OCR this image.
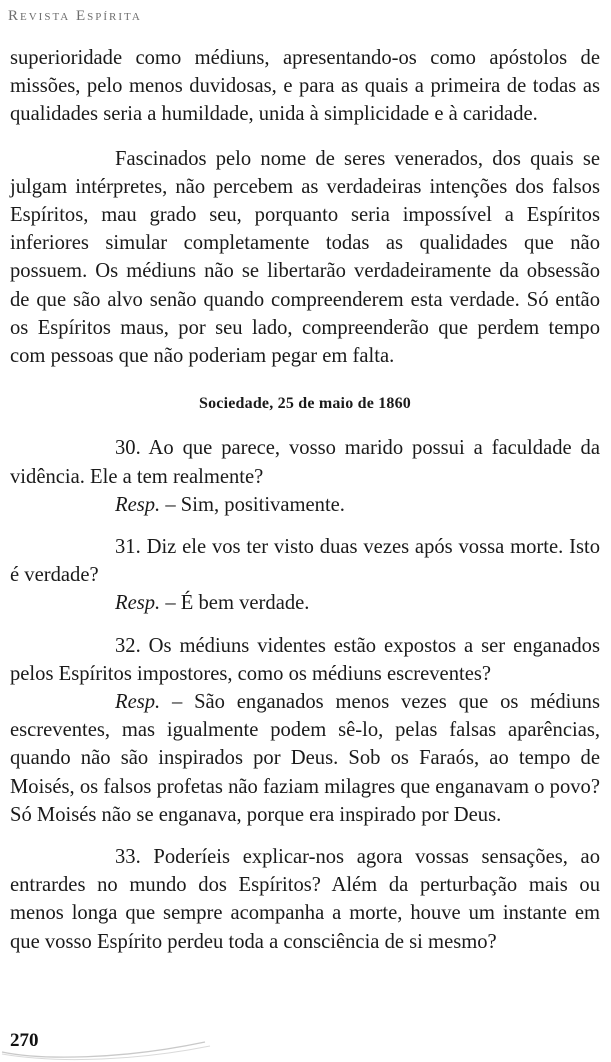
Revista Espírita

superioridade como médiuns, apresentando-os como apóstolos de missões, pelo menos duvidosas, e para as quais a primeira de todas as qualidades seria a humildade, unida à simplicidade e à caridade.

Fascinados pelo nome de seres venerados, dos quais se julgam intérpretes, não percebem as verdadeiras intenções dos falsos Espíritos, mau grado seu, porquanto seria impossível a Espíritos inferiores simular completamente todas as qualidades que não possuem. Os médiuns não se libertarão verdadeiramente da obsessão de que são alvo senão quando compreenderem esta verdade. Só então os Espíritos maus, por seu lado, compreenderão que perdem tempo com pessoas que não poderiam pegar em falta.

Sociedade, 25 de maio de 1860

30. Ao que parece, vosso marido possui a faculdade da vidência. Ele a tem realmente?

Resp. – Sim, positivamente.

31. Diz ele vos ter visto duas vezes após vossa morte. Isto é verdade?

Resp. – É bem verdade.

32. Os médiuns videntes estão expostos a ser enganados pelos Espíritos impostores, como os médiuns escreventes?

Resp. – São enganados menos vezes que os médiuns escreventes, mas igualmente podem sê-lo, pelas falsas aparências, quando não são inspirados por Deus. Sob os Faraós, ao tempo de Moisés, os falsos profetas não faziam milagres que enganavam o povo? Só Moisés não se enganava, porque era inspirado por Deus.

33. Poderíeis explicar-nos agora vossas sensações, ao entrardes no mundo dos Espíritos? Além da perturbação mais ou menos longa que sempre acompanha a morte, houve um instante em que vosso Espírito perdeu toda a consciência de si mesmo?

270
